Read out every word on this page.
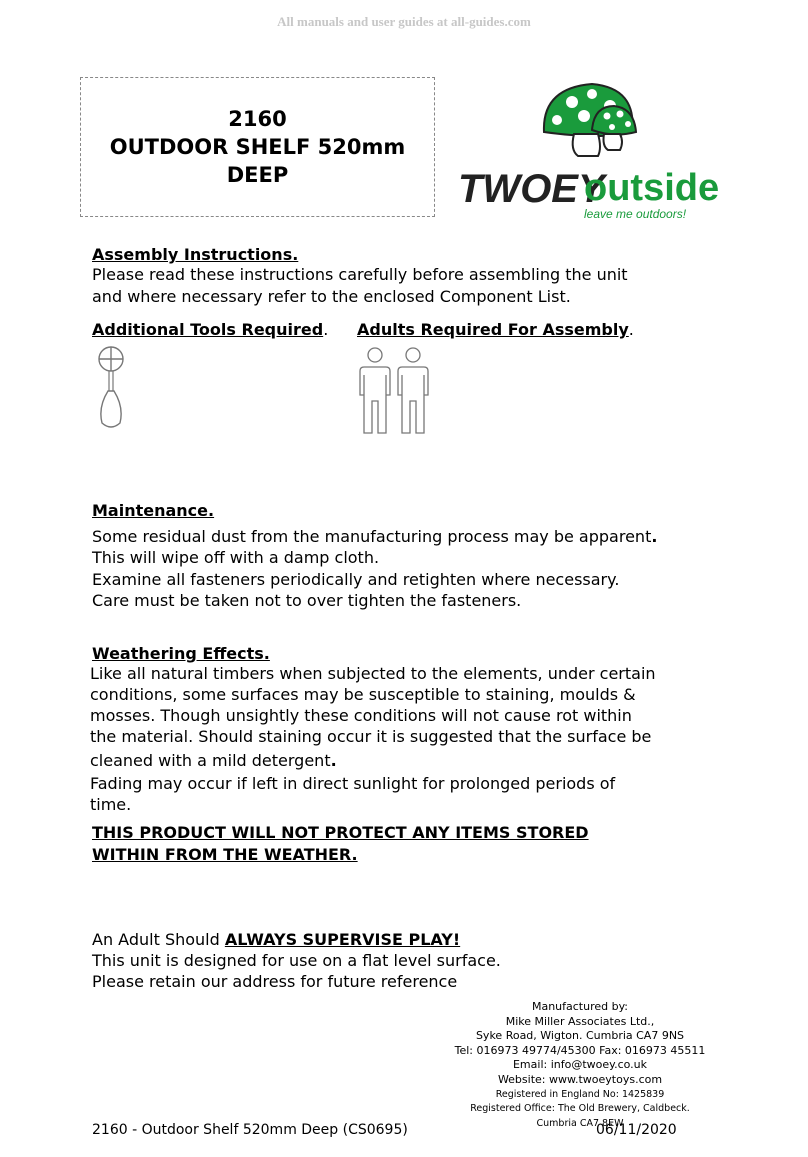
All manuals and user guides at all-guides.com
2160
OUTDOOR SHELF 520mm
DEEP	TWOEY
outside
leave me outdoors!
Assembly Instructions.
Please read these instructions carefully before assembling the unit
and where necessary refer to the enclosed Component List.
Additional Tools Required. Adults Required For Assembly.
Maintenance.
Some residual dust from the manufacturing process may be apparent.
This will wipe off with a damp cloth.
Examine all fasteners periodically and retighten where necessary.
Care must be taken not to over tighten the fasteners.
Weathering Effects.
Like all natural timbers when subjected to the elements, under certain
conditions, some surfaces may be susceptible to staining, moulds &
mosses. Though unsightly these conditions will not cause rot within
the material. Should staining occur it is suggested that the surface be
cleaned with a mild detergent.
Fading may occur if left in direct sunlight for prolonged periods of
time.
THIS PRODUCT WILL NOT PROTECT ANY ITEMS STORED
WITHIN FROM THE WEATHER.
An Adult Should ALWAYS SUPERVISE PLAY!
This unit is designed for use on a flat level surface.
Please retain our address for future reference
Manufactured by:
Mike Miller Associates Ltd.,
Syke Road, Wigton. Cumbria CA7 9NS
Tel: 016973 49774/45300 Fax: 016973 45511
Email: info@twoey.co.uk
Website: www.twoeytoys.com
Registered in England No: 1425839
Registered Office: The Old Brewery, Caldbeck.
Cumbria CA7 8EW
2160 - Outdoor Shelf 520mm Deep (CS0695)	06/11/2020
